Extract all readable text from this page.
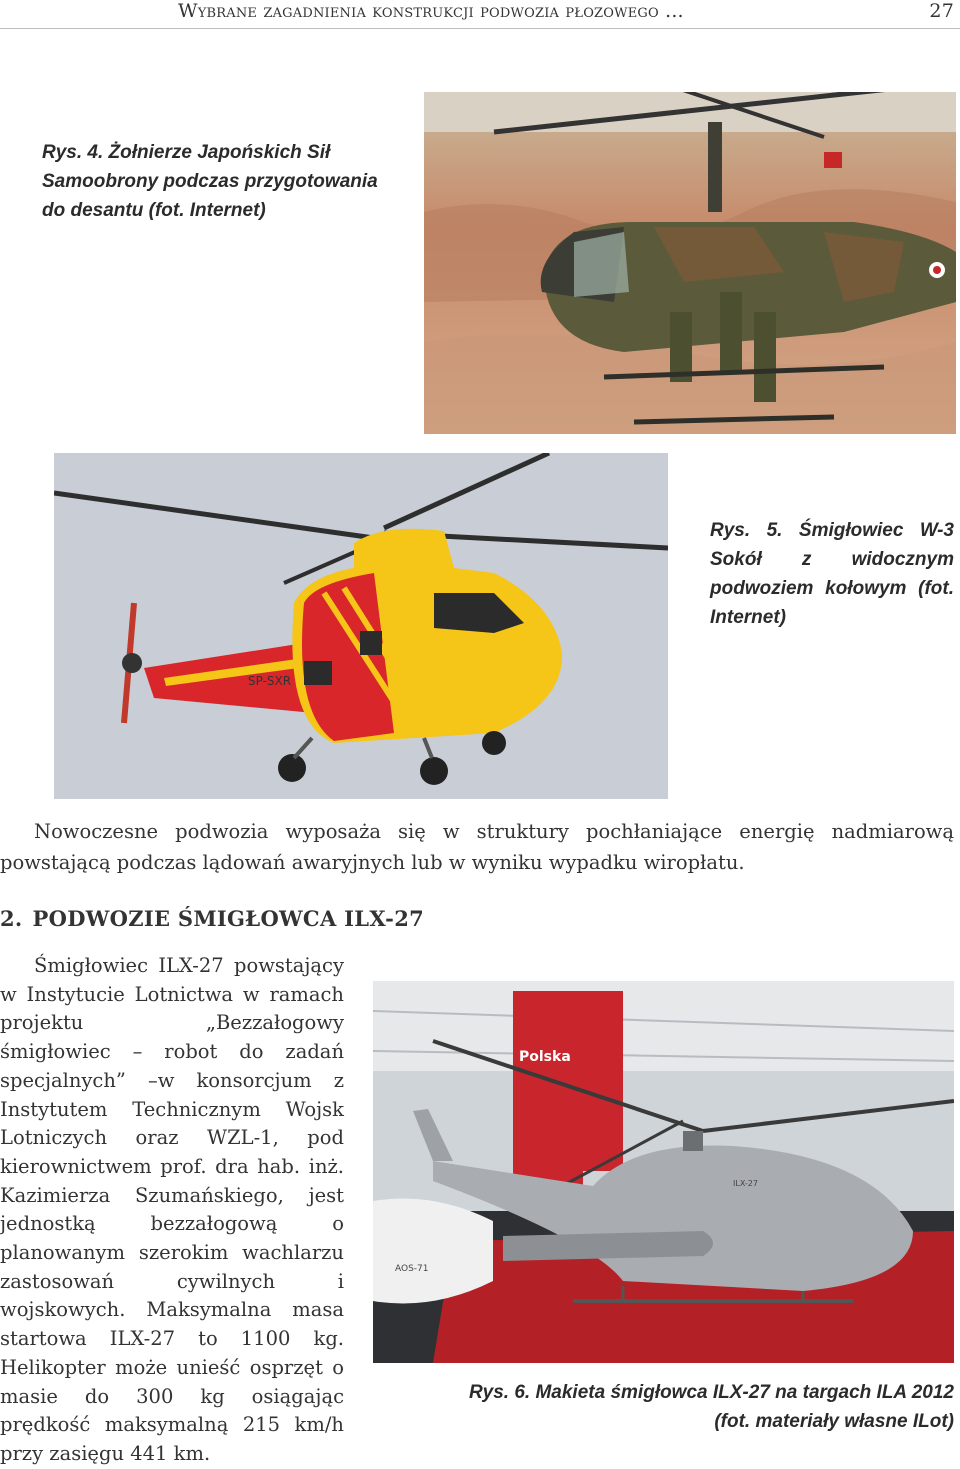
Wybrane zagadnienia konstrukcji podwozia płozowego ...	27
Rys. 4. Żołnierze Japońskich Sił Samoobrony podczas przygotowania do desantu (fot. Internet)
SP-SXR
Rys. 5. Śmigłowiec W-3 Sokół z widocznym podwoziem kołowym (fot. Internet)
Nowoczesne podwozia wyposaża się w struktury pochłaniające energię nadmiarową powstającą podczas lądowań awaryjnych lub w wyniku wypadku wiropłatu.
2. PODWOZIE ŚMIGŁOWCA ILX-27
Śmigłowiec ILX-27 powstający w Instytucie Lotnictwa w ramach projektu „Bezzałogowy śmigłowiec – robot do zadań specjalnych” –w konsorcjum z Instytutem Technicznym Wojsk Lotniczych oraz WZL-1, pod kierownictwem prof. dra hab. inż. Kazimierza Szumańskiego, jest jednostką bezzałogową o planowanym szerokim wachlarzu zastosowań cywilnych i wojskowych. Maksymalna masa startowa ILX-27 to 1100 kg. Helikopter może unieść osprzęt o masie do 300 kg osiągając prędkość maksymalną 215 km/h przy zasięgu 441 km.
Polska
AOS-71
ILX-27
Rys. 6. Makieta śmigłowca ILX-27 na targach ILA 2012
(fot. materiały własne ILot)
